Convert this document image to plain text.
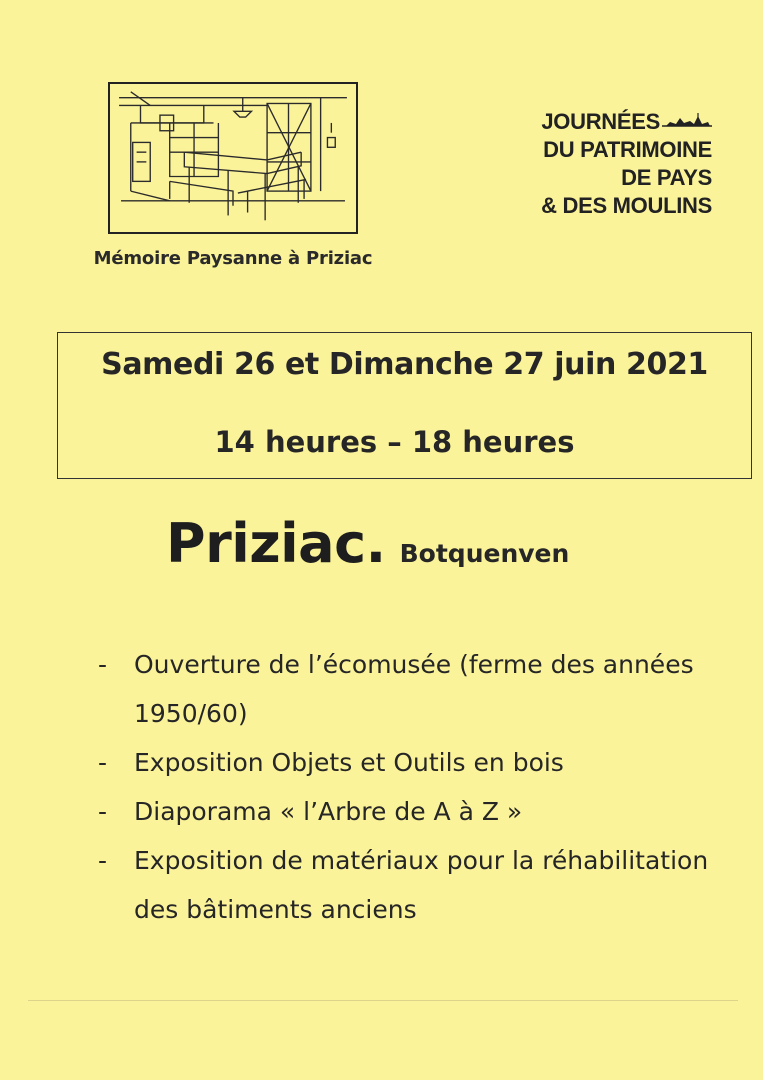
Mémoire Paysanne à Priziac
JOURNÉES
DU PATRIMOINE
DE PAYS
& DES MOULINS
Samedi 26 et Dimanche 27 juin 2021
14 heures – 18 heures
Priziac. Botquenven
-	Ouverture de l’écomusée (ferme des années 1950/60)
-	Exposition Objets et Outils en bois
-	Diaporama « l’Arbre de A à Z »
-	Exposition de matériaux pour la réhabilitation des bâtiments anciens
